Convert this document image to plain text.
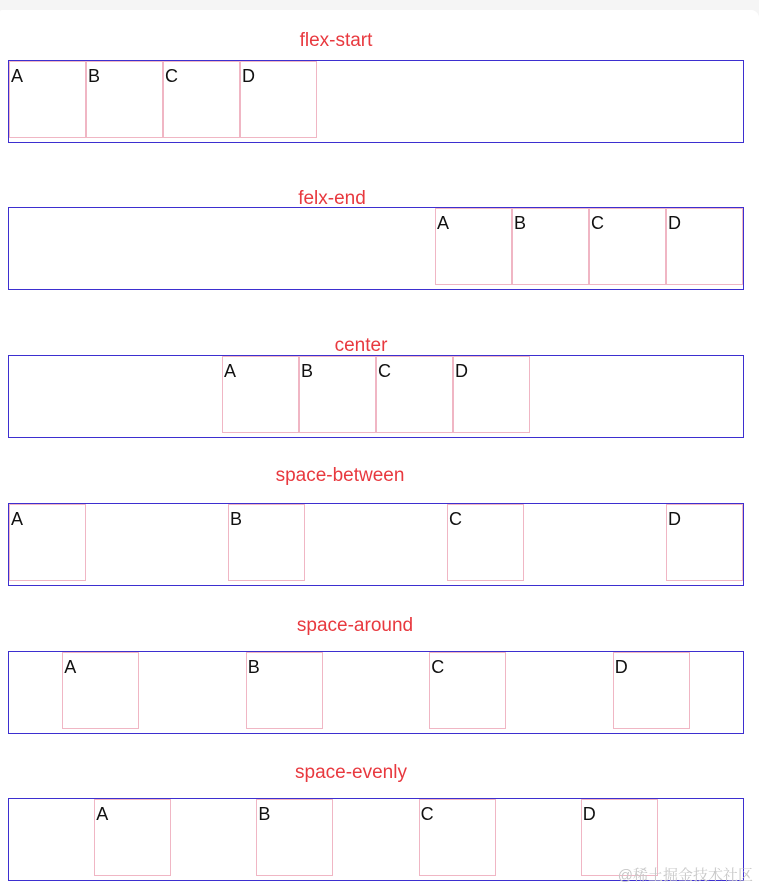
flex-start
A	B	C	D
felx-end
A	B	C	D
center
A	B	C	D
space-between
A	B	C	D
space-around
A	B	C	D
space-evenly
A	B	C	D
@稀土掘金技术社区
